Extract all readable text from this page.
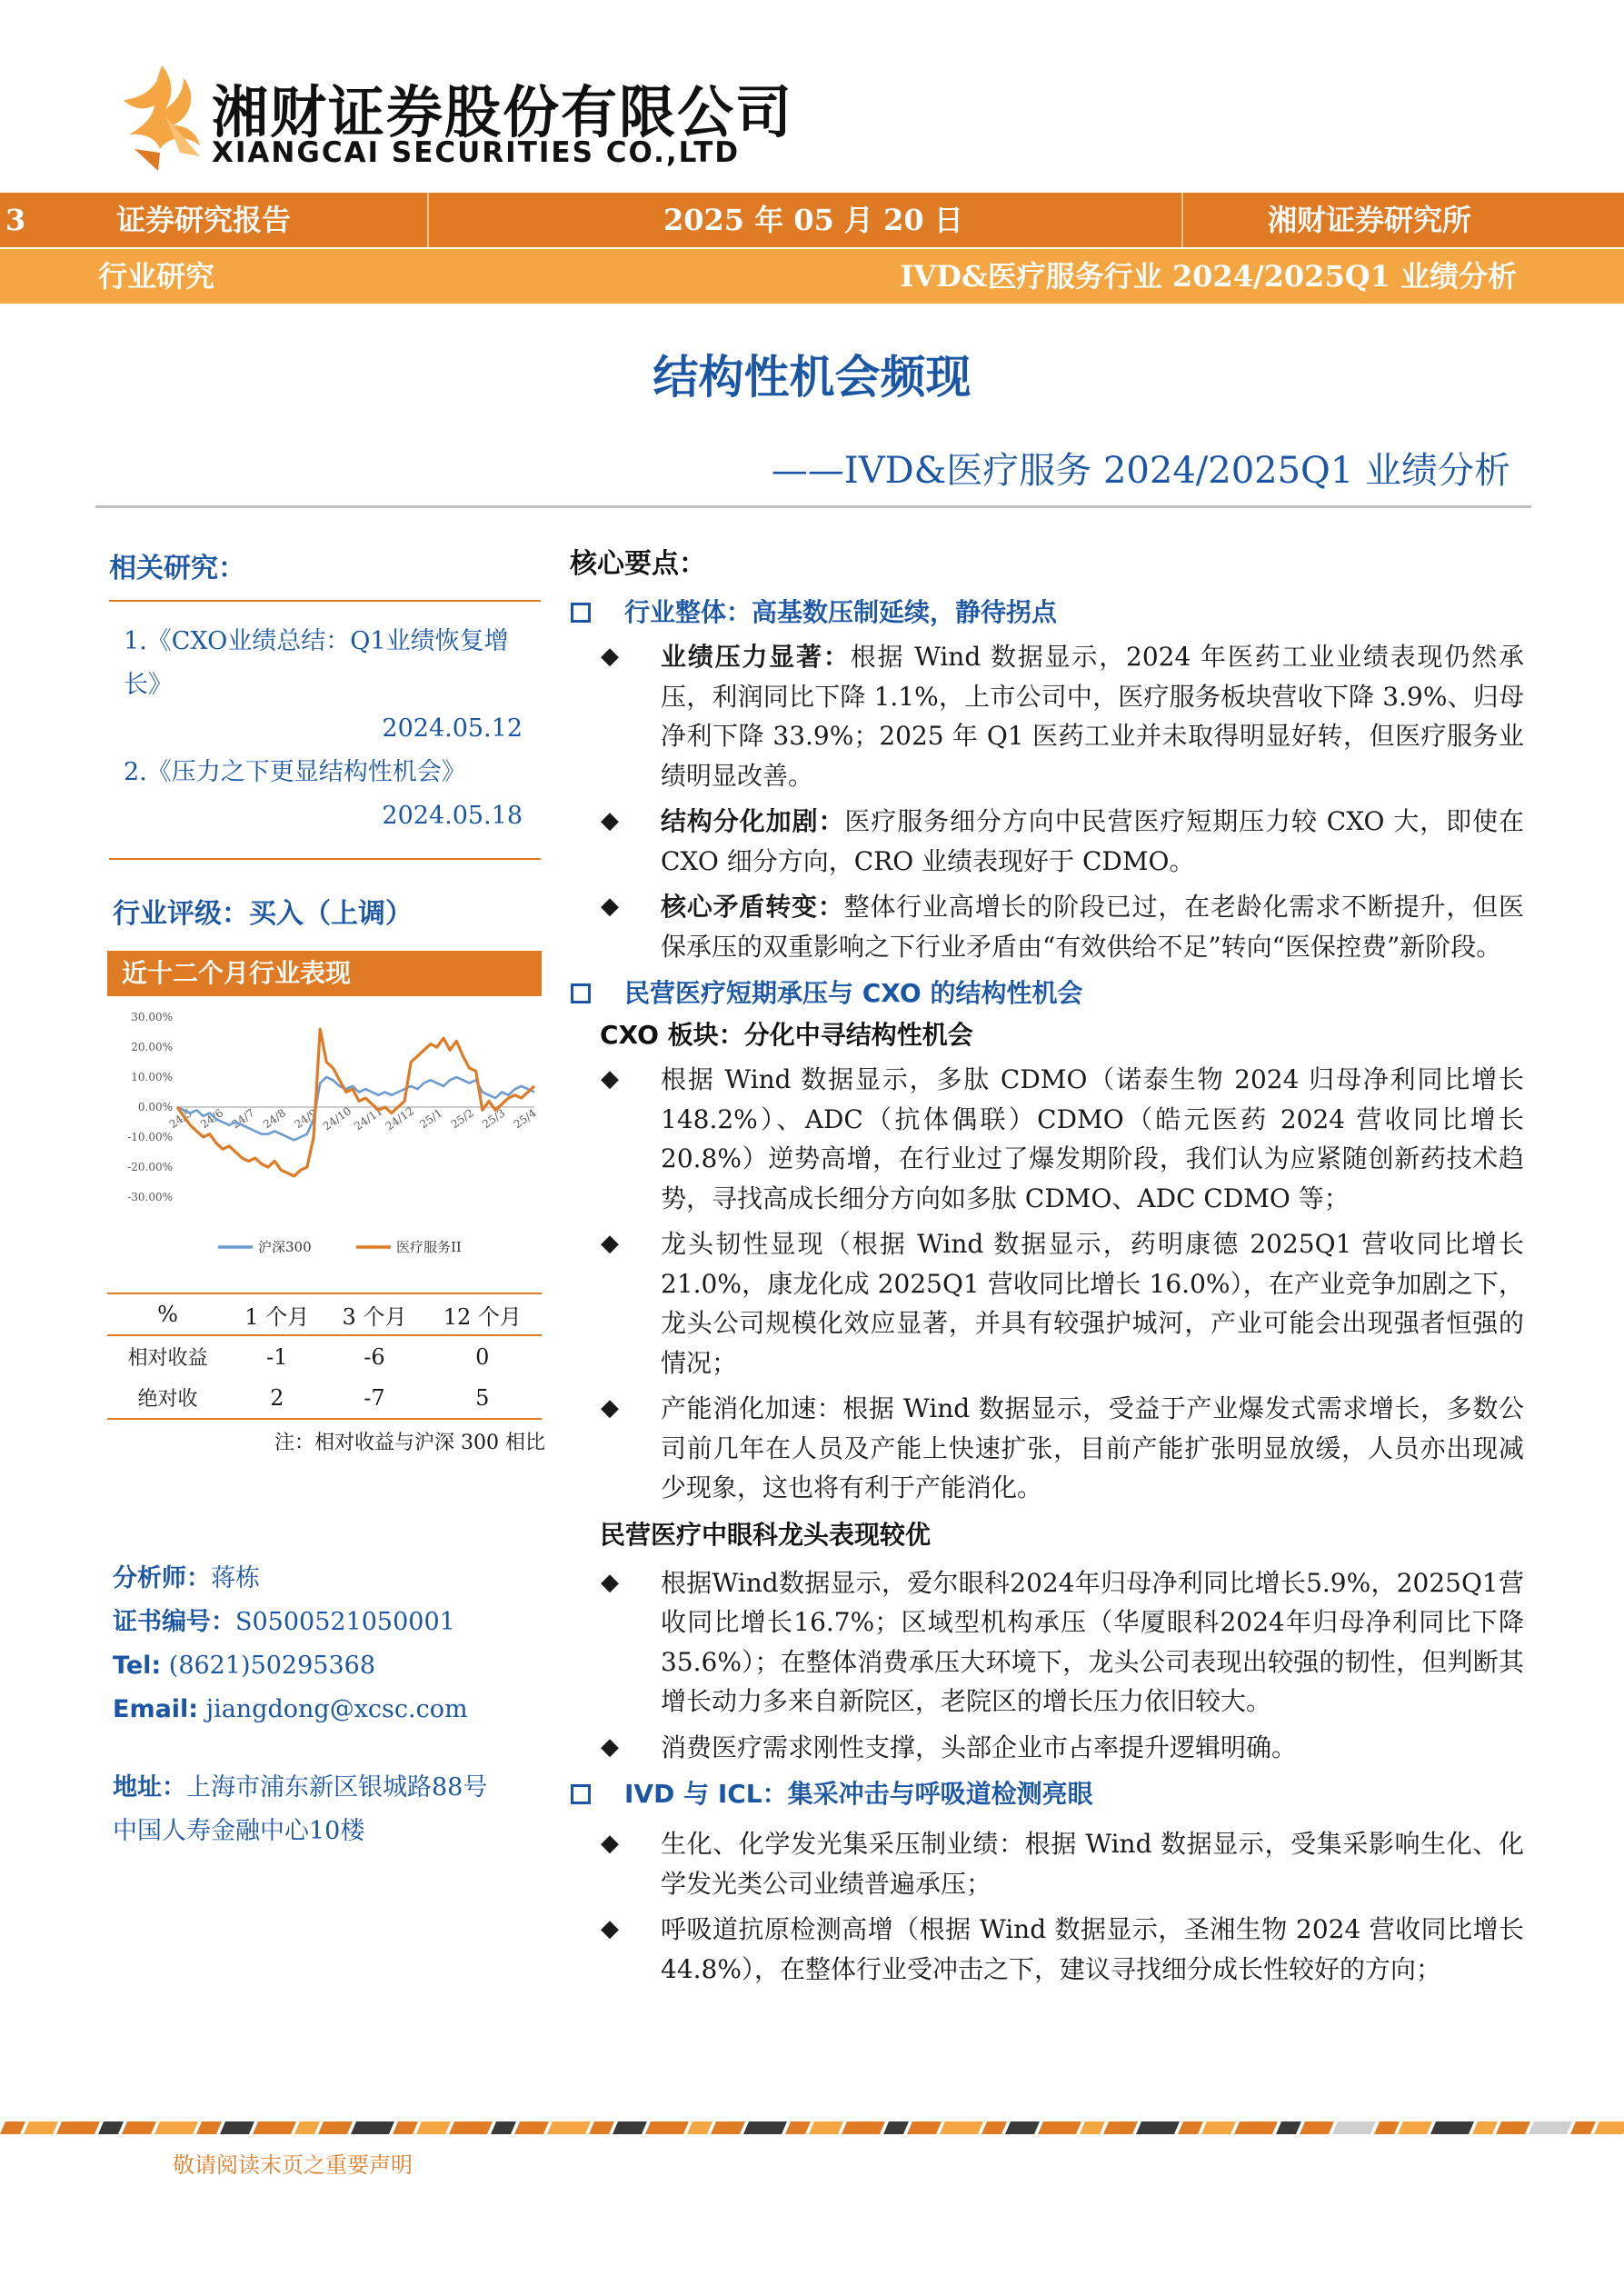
湘财证券股份有限公司
XIANGCAI SECURITIES CO.,LTD
3	证券研究报告	2025 年 05 月 20 日	湘财证券研究所
行业研究	IVD&医疗服务行业 2024/2025Q1 业绩分析
结构性机会频现
——IVD&医疗服务 2024/2025Q1 业绩分析
相关研究：
1.《CXO业绩总结：Q1业绩恢复增长》
2024.05.12
2.《压力之下更显结构性机会》
2024.05.18
行业评级：买入（上调）
近十二个月行业表现
30.00%
20.00%
10.00%
0.00%
-10.00%
-20.00%
-30.00%
24/5 24/6 24/7 24/8 24/9 24/10
24/11
24/12 25/1 25/2 25/3 25/4
沪深300	医疗服务II
%	1 个月	3 个月	12 个月
相对收益	-1	-6	0
绝对收	2	-7	5
注：相对收益与沪深 300 相比
分析师：蒋栋
证书编号：S0500521050001
Tel: (8621)50295368
Email: jiangdong@xcsc.com
地址：上海市浦东新区银城路88号
中国人寿金融中心10楼
核心要点：
行业整体：高基数压制延续，静待拐点
◆ 业绩压力显著：根据 Wind 数据显示，2024 年医药工业业绩表现仍然承压，利润同比下降 1.1%，上市公司中，医疗服务板块营收下降 3.9%、归母净利下降 33.9%；2025 年 Q1 医药工业并未取得明显好转，但医疗服务业绩明显改善。
◆ 结构分化加剧：医疗服务细分方向中民营医疗短期压力较 CXO 大，即使在 CXO 细分方向，CRO 业绩表现好于 CDMO。
◆ 核心矛盾转变：整体行业高增长的阶段已过，在老龄化需求不断提升，但医保承压的双重影响之下行业矛盾由“有效供给不足”转向“医保控费”新阶段。
民营医疗短期承压与 CXO 的结构性机会
CXO 板块：分化中寻结构性机会
◆ 根据 Wind 数据显示，多肽 CDMO（诺泰生物 2024 归母净利同比增长 148.2%）、ADC（抗体偶联）CDMO（皓元医药 2024 营收同比增长 20.8%）逆势高增，在行业过了爆发期阶段，我们认为应紧随创新药技术趋势，寻找高成长细分方向如多肽 CDMO、ADC CDMO 等；
◆ 龙头韧性显现（根据 Wind 数据显示，药明康德 2025Q1 营收同比增长 21.0%，康龙化成 2025Q1 营收同比增长 16.0%），在产业竞争加剧之下，龙头公司规模化效应显著，并具有较强护城河，产业可能会出现强者恒强的情况；
◆ 产能消化加速：根据 Wind 数据显示，受益于产业爆发式需求增长，多数公司前几年在人员及产能上快速扩张，目前产能扩张明显放缓，人员亦出现减少现象，这也将有利于产能消化。
民营医疗中眼科龙头表现较优
◆ 根据Wind数据显示，爱尔眼科2024年归母净利同比增长5.9%，2025Q1营收同比增长16.7%；区域型机构承压（华厦眼科2024年归母净利同比下降35.6%）；在整体消费承压大环境下，龙头公司表现出较强的韧性，但判断其增长动力多来自新院区，老院区的增长压力依旧较大。
◆ 消费医疗需求刚性支撑，头部企业市占率提升逻辑明确。
IVD 与 ICL：集采冲击与呼吸道检测亮眼
◆ 生化、化学发光集采压制业绩：根据 Wind 数据显示，受集采影响生化、化学发光类公司业绩普遍承压；
◆ 呼吸道抗原检测高增（根据 Wind 数据显示，圣湘生物 2024 营收同比增长 44.8%），在整体行业受冲击之下，建议寻找细分成长性较好的方向；
敬请阅读末页之重要声明
